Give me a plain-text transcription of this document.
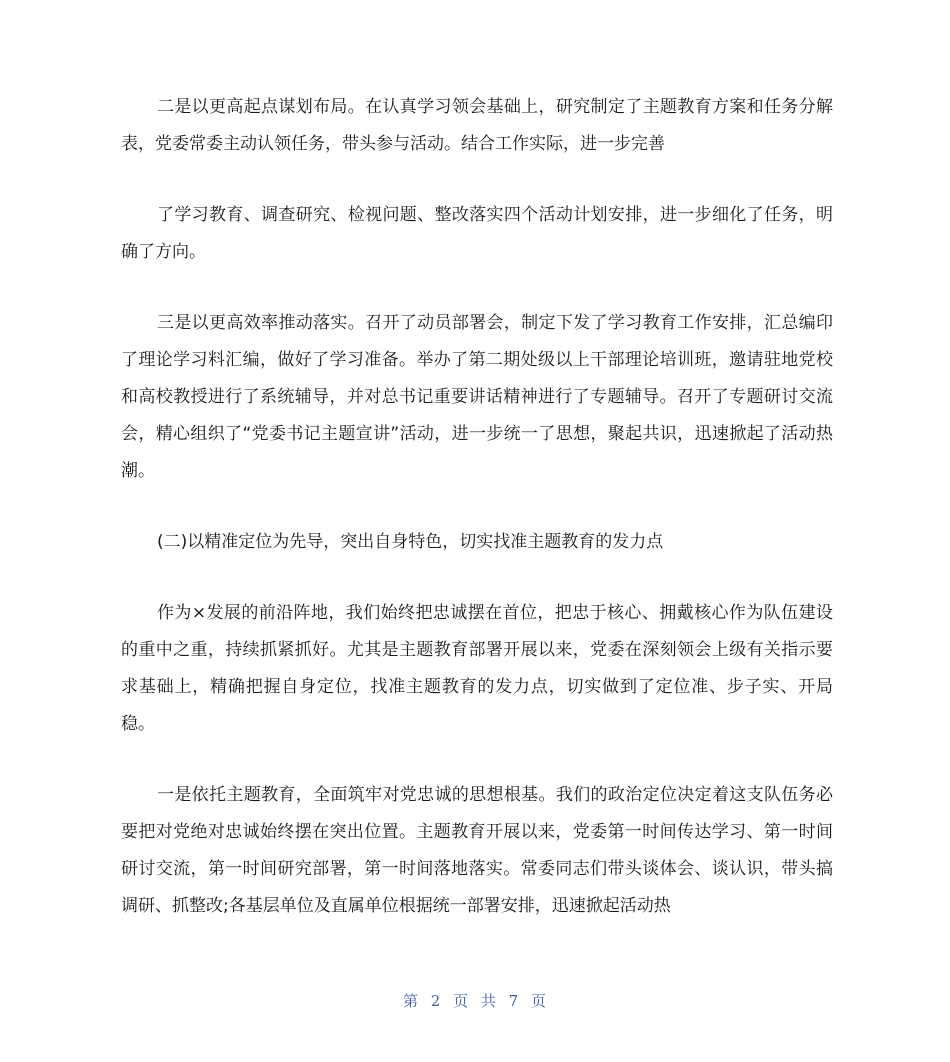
二是以更高起点谋划布局。在认真学习领会基础上，研究制定了主题教育方案和任务分解表，党委常委主动认领任务，带头参与活动。结合工作实际，进一步完善

了学习教育、调查研究、检视问题、整改落实四个活动计划安排，进一步细化了任务，明确了方向。

三是以更高效率推动落实。召开了动员部署会，制定下发了学习教育工作安排，汇总编印了理论学习料汇编，做好了学习准备。举办了第二期处级以上干部理论培训班，邀请驻地党校和高校教授进行了系统辅导，并对总书记重要讲话精神进行了专题辅导。召开了专题研讨交流会，精心组织了“党委书记主题宣讲”活动，进一步统一了思想，聚起共识，迅速掀起了活动热潮。

(二)以精准定位为先导，突出自身特色，切实找准主题教育的发力点

作为×发展的前沿阵地，我们始终把忠诚摆在首位，把忠于核心、拥戴核心作为队伍建设的重中之重，持续抓紧抓好。尤其是主题教育部署开展以来，党委在深刻领会上级有关指示要求基础上，精确把握自身定位，找准主题教育的发力点，切实做到了定位准、步子实、开局稳。

一是依托主题教育，全面筑牢对党忠诚的思想根基。我们的政治定位决定着这支队伍务必要把对党绝对忠诚始终摆在突出位置。主题教育开展以来，党委第一时间传达学习、第一时间研讨交流，第一时间研究部署，第一时间落地落实。常委同志们带头谈体会、谈认识，带头搞调研、抓整改;各基层单位及直属单位根据统一部署安排，迅速掀起活动热

第 2 页 共 7 页
